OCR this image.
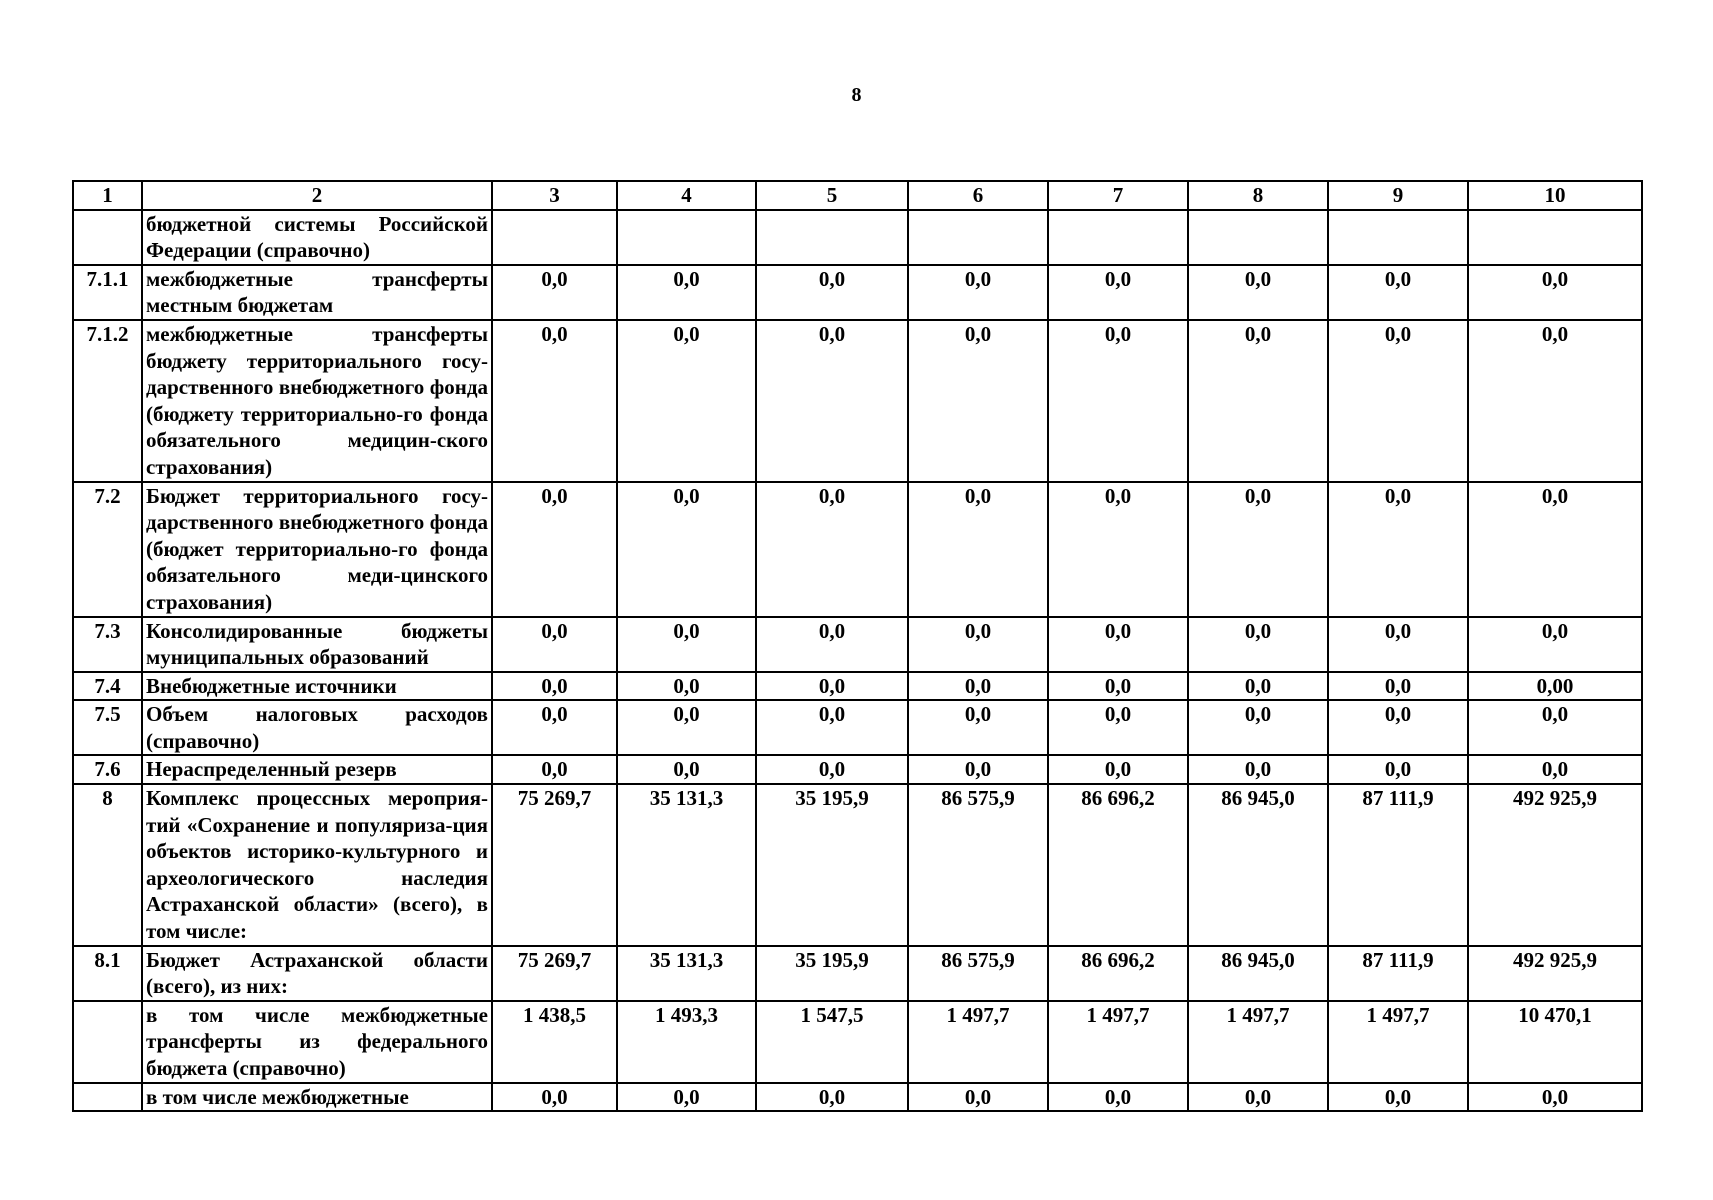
8
1	2	3	4	5	6	7	8	9	10
	бюджетной системы Российской Федерации (справочно)								
7.1.1	межбюджетные трансферты местным бюджетам	0,0	0,0	0,0	0,0	0,0	0,0	0,0	0,0
7.1.2	межбюджетные трансферты бюджету территориального госу-дарственного внебюджетного фонда (бюджету территориально-го фонда обязательного медицин-ского страхования)	0,0	0,0	0,0	0,0	0,0	0,0	0,0	0,0
7.2	Бюджет территориального госу-дарственного внебюджетного фонда (бюджет территориально-го фонда обязательного меди-цинского страхования)	0,0	0,0	0,0	0,0	0,0	0,0	0,0	0,0
7.3	Консолидированные бюджеты муниципальных образований	0,0	0,0	0,0	0,0	0,0	0,0	0,0	0,0
7.4	Внебюджетные источники	0,0	0,0	0,0	0,0	0,0	0,0	0,0	0,00
7.5	Объем налоговых расходов (справочно)	0,0	0,0	0,0	0,0	0,0	0,0	0,0	0,0
7.6	Нераспределенный резерв	0,0	0,0	0,0	0,0	0,0	0,0	0,0	0,0
8	Комплекс процессных мероприя-тий «Сохранение и популяриза-ция объектов историко-культурного и археологического наследия Астраханской области» (всего), в том числе:	75 269,7	35 131,3	35 195,9	86 575,9	86 696,2	86 945,0	87 111,9	492 925,9
8.1	Бюджет Астраханской области (всего), из них:	75 269,7	35 131,3	35 195,9	86 575,9	86 696,2	86 945,0	87 111,9	492 925,9
	в том числе межбюджетные трансферты из федерального бюджета (справочно)	1 438,5	1 493,3	1 547,5	1 497,7	1 497,7	1 497,7	1 497,7	10 470,1
	в том числе межбюджетные	0,0	0,0	0,0	0,0	0,0	0,0	0,0	0,0
